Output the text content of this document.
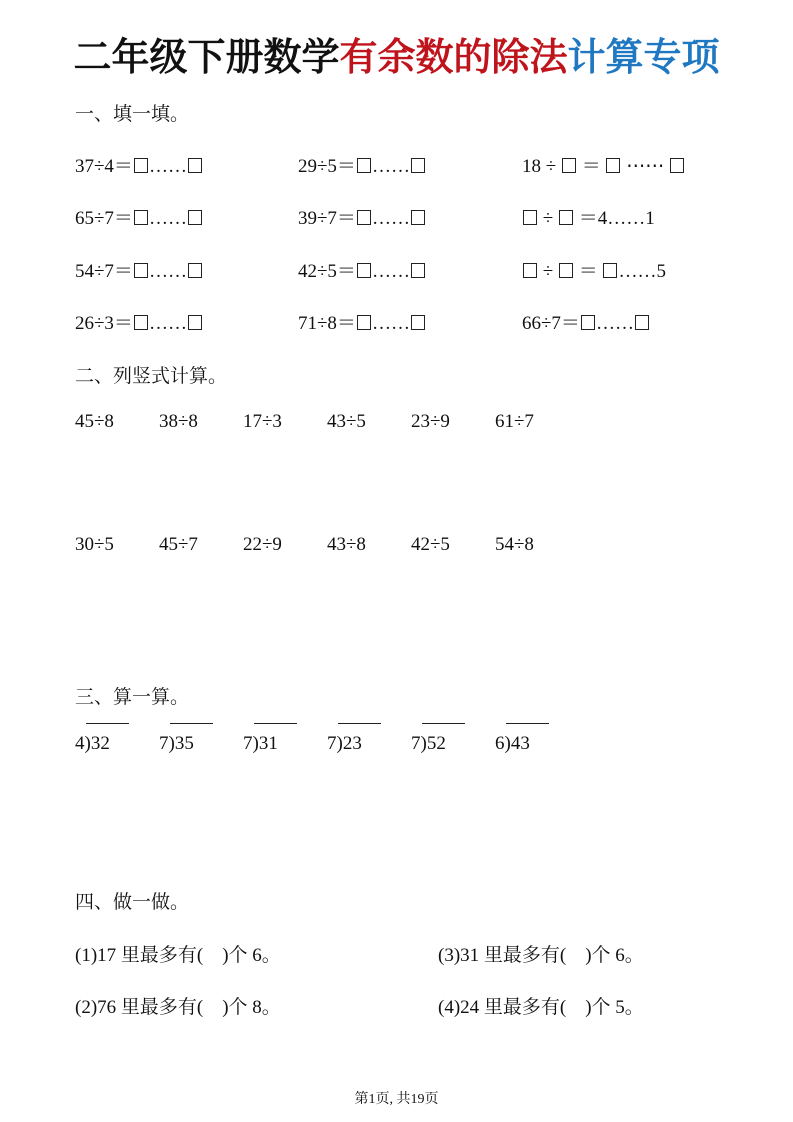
二年级下册数学有余数的除法计算专项
一、填一填。
37÷4＝ ……	29÷5＝ ……	18 ÷  ＝  ⋯⋯
65÷7＝ ……	39÷7＝ ……	÷  ＝4……1
54÷7＝ ……	42÷5＝ ……	÷  ＝ ……5
26÷3＝ ……	71÷8＝ ……	66÷7＝ ……
二、列竖式计算。
45÷8 38÷8 17÷3 43÷5 23÷9 61÷7
30÷5 45÷7 22÷9 43÷8 42÷5 54÷8
三、算一算。
4)32	7)35	7)31	7)23	7)52	6)43
四、做一做。
(1)17 里最多有(    )个 6。	(3)31 里最多有(    )个 6。
(2)76 里最多有(    )个 8。	(4)24 里最多有(    )个 5。
第1页, 共19页
